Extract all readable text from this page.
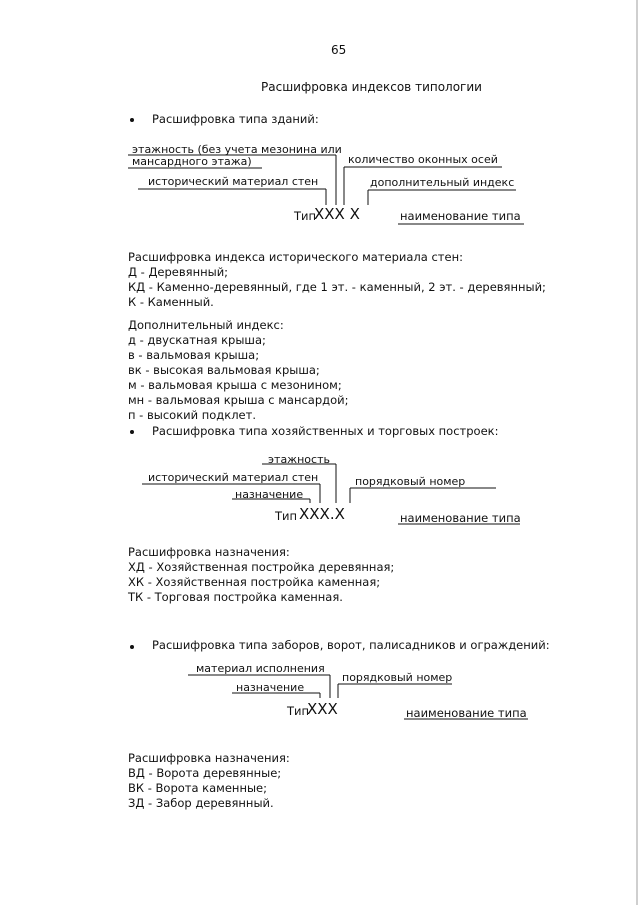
65
Расшифровка индексов типологии
Расшифровка типа зданий:
этажность (без учета мезонина или
мансардного этажа)	количество оконных осей
исторический материал стен	дополнительный индекс
Тип
ХХХ Х	наименование типа
Расшифровка индекса исторического материала стен:
Д - Деревянный;
КД - Каменно-деревянный, где 1 эт. - каменный, 2 эт. - деревянный;
К - Каменный.
Дополнительный индекс:
д - двускатная крыша;
в - вальмовая крыша;
вк - высокая вальмовая крыша;
м - вальмовая крыша с мезонином;
мн - вальмовая крыша с мансардой;
п - высокий подклет.
Расшифровка типа хозяйственных и торговых построек:
этажность
исторический материал стен	порядковый номер
назначение
Тип ХХХ.Х	наименование типа
Расшифровка назначения:
ХД - Хозяйственная постройка деревянная;
ХК - Хозяйственная постройка каменная;
ТК - Торговая постройка каменная.
Расшифровка типа заборов, ворот, палисадников и ограждений:
материал исполнения
порядковый номер
назначение
Тип
ХХХ	наименование типа
Расшифровка назначения:
ВД - Ворота деревянные;
ВК - Ворота каменные;
ЗД - Забор деревянный.
